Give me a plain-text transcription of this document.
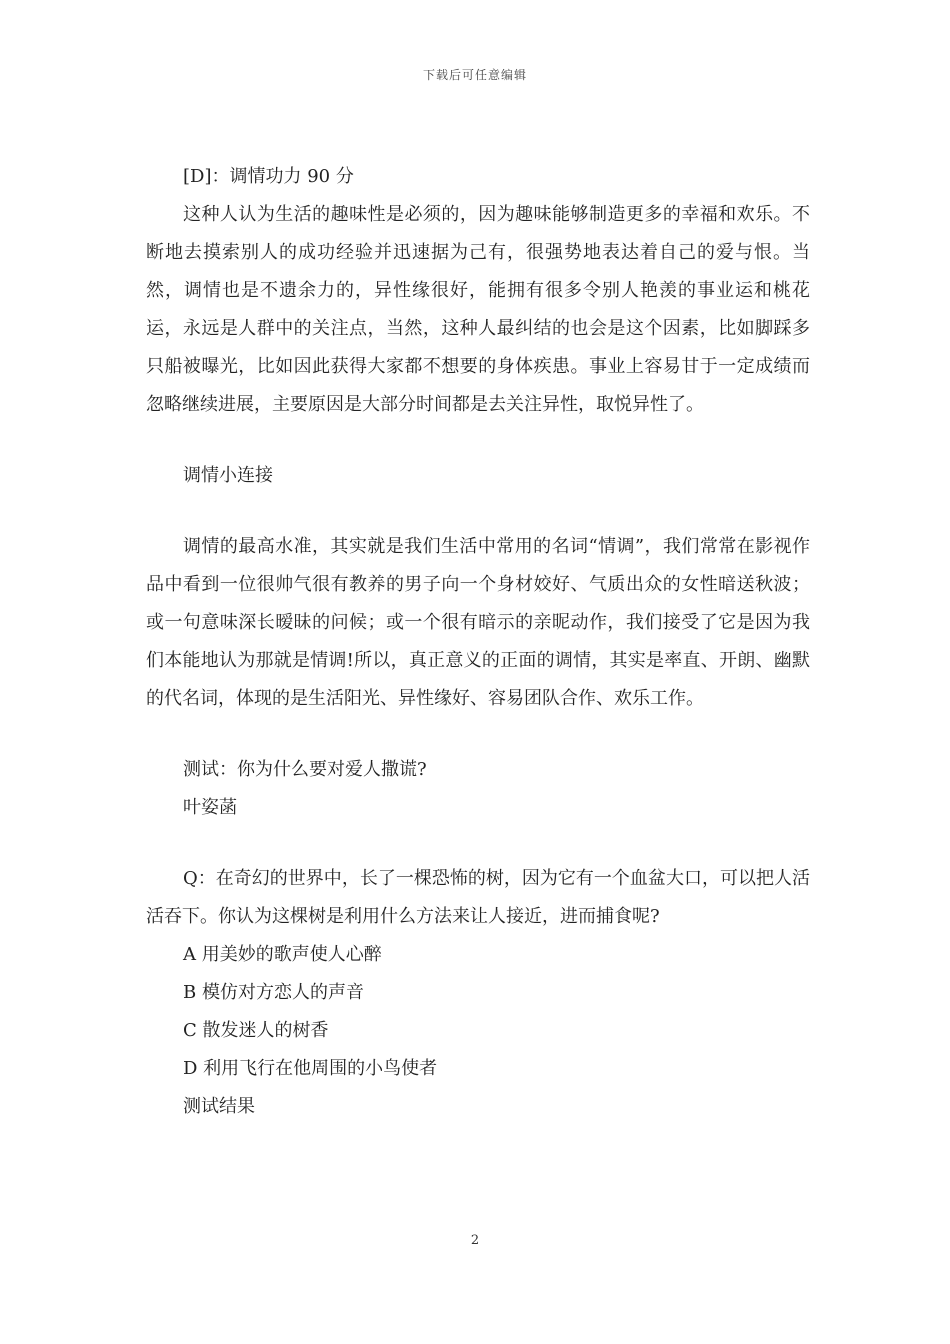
下载后可任意编辑

[D]：调情功力 90 分

这种人认为生活的趣味性是必须的，因为趣味能够制造更多的幸福和欢乐。不断地去摸索别人的成功经验并迅速据为己有，很强势地表达着自己的爱与恨。当然，调情也是不遗余力的，异性缘很好，能拥有很多令别人艳羡的事业运和桃花运，永远是人群中的关注点，当然，这种人最纠结的也会是这个因素，比如脚踩多只船被曝光，比如因此获得大家都不想要的身体疾患。事业上容易甘于一定成绩而忽略继续进展，主要原因是大部分时间都是去关注异性，取悦异性了。

调情小连接

调情的最高水准，其实就是我们生活中常用的名词“情调”，我们常常在影视作品中看到一位很帅气很有教养的男子向一个身材姣好、气质出众的女性暗送秋波；或一句意味深长暧昧的问候；或一个很有暗示的亲昵动作，我们接受了它是因为我们本能地认为那就是情调!所以，真正意义的正面的调情，其实是率直、开朗、幽默的代名词，体现的是生活阳光、异性缘好、容易团队合作、欢乐工作。

测试：你为什么要对爱人撒谎?

叶姿菡

Q：在奇幻的世界中，长了一棵恐怖的树，因为它有一个血盆大口，可以把人活活吞下。你认为这棵树是利用什么方法来让人接近，进而捕食呢?

A 用美妙的歌声使人心醉

B 模仿对方恋人的声音

C 散发迷人的树香

D 利用飞行在他周围的小鸟使者

测试结果

2
